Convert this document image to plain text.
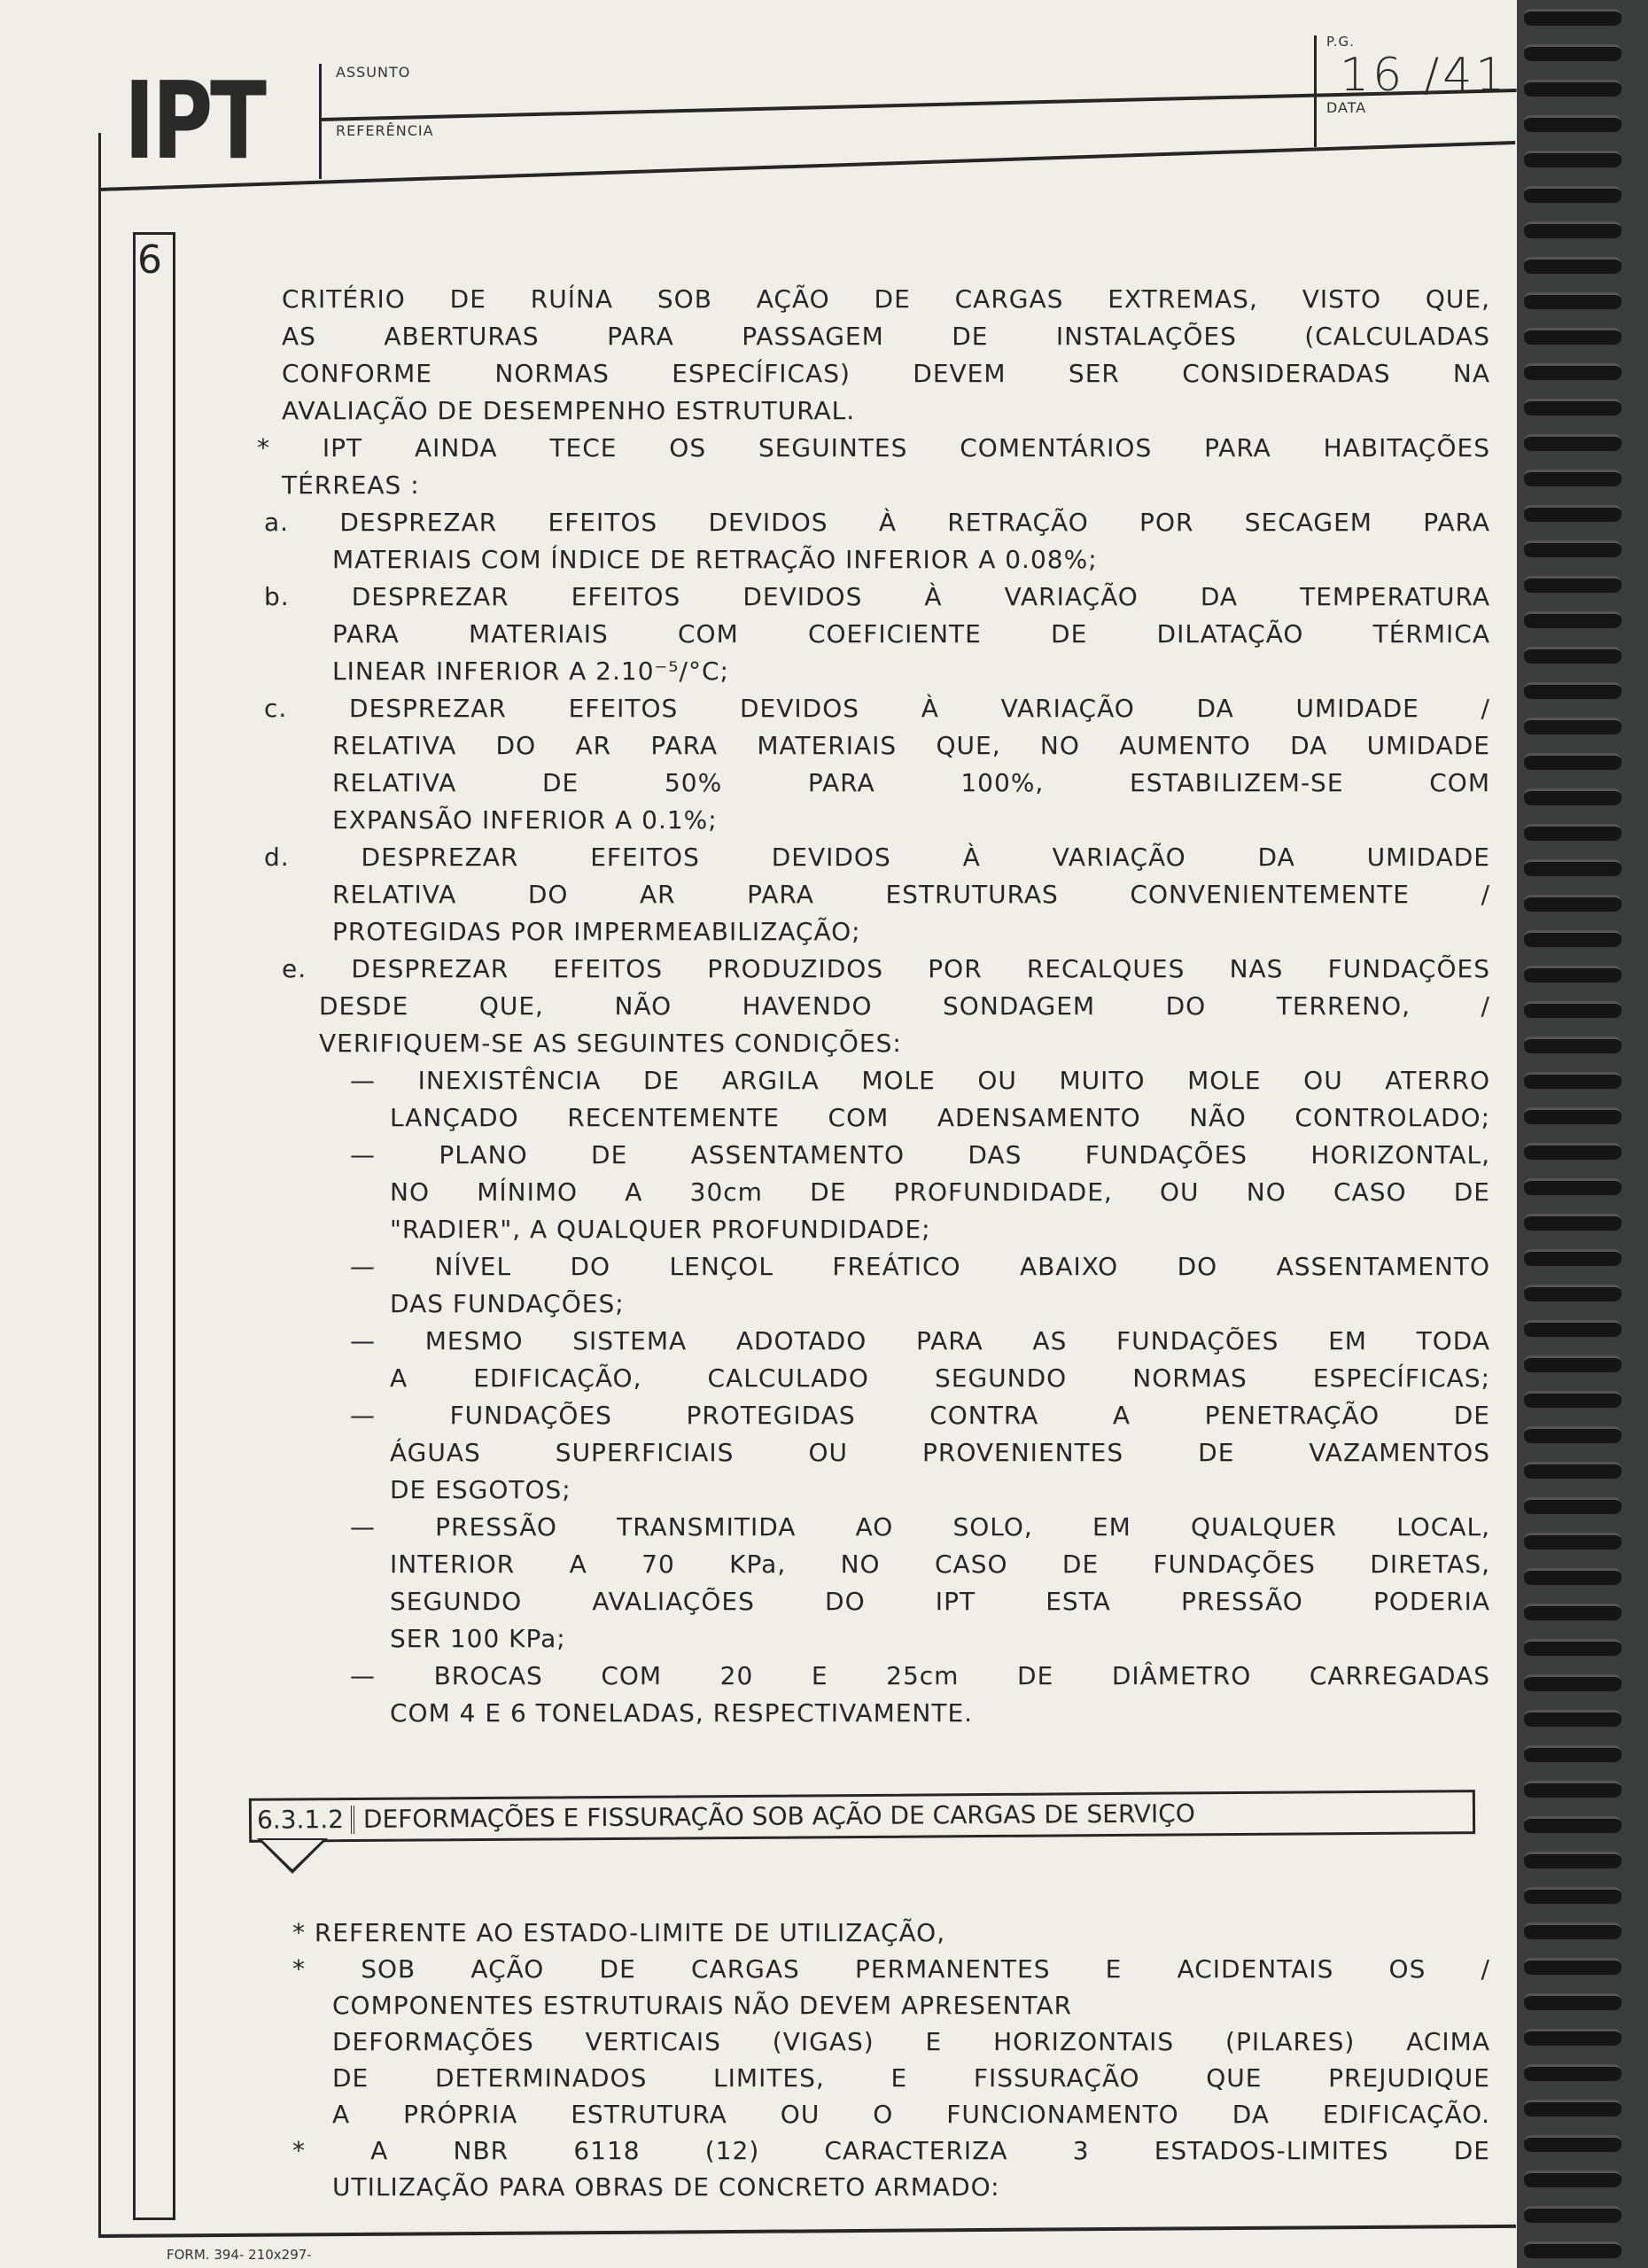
IPT	ASSUNTO
REFERÊNCIA
P.G.
16 /41
DATA
6
CRITÉRIO DE RUÍNA SOB AÇÃO DE CARGAS EXTREMAS, VISTO QUE,
AS ABERTURAS PARA PASSAGEM DE INSTALAÇÕES (CALCULADAS
CONFORME NORMAS ESPECÍFICAS) DEVEM SER CONSIDERADAS NA
AVALIAÇÃO DE DESEMPENHO ESTRUTURAL.
* IPT AINDA TECE OS SEGUINTES COMENTÁRIOS PARA HABITAÇÕES
TÉRREAS :
a. DESPREZAR EFEITOS DEVIDOS À RETRAÇÃO POR SECAGEM PARA
MATERIAIS COM ÍNDICE DE RETRAÇÃO INFERIOR A 0.08%;
b. DESPREZAR EFEITOS DEVIDOS À VARIAÇÃO DA TEMPERATURA
PARA MATERIAIS COM COEFICIENTE DE DILATAÇÃO TÉRMICA
LINEAR INFERIOR A 2.10⁻⁵/°C;
c. DESPREZAR EFEITOS DEVIDOS À VARIAÇÃO DA UMIDADE /
RELATIVA DO AR PARA MATERIAIS QUE, NO AUMENTO DA UMIDADE
RELATIVA DE 50% PARA 100%, ESTABILIZEM-SE COM
EXPANSÃO INFERIOR A 0.1%;
d. DESPREZAR EFEITOS DEVIDOS À VARIAÇÃO DA UMIDADE
RELATIVA DO AR PARA ESTRUTURAS CONVENIENTEMENTE /
PROTEGIDAS POR IMPERMEABILIZAÇÃO;
e. DESPREZAR EFEITOS PRODUZIDOS POR RECALQUES NAS FUNDAÇÕES
DESDE QUE, NÃO HAVENDO SONDAGEM DO TERRENO, /
VERIFIQUEM-SE AS SEGUINTES CONDIÇÕES:
— INEXISTÊNCIA DE ARGILA MOLE OU MUITO MOLE OU ATERRO
LANÇADO RECENTEMENTE COM ADENSAMENTO NÃO CONTROLADO;
— PLANO DE ASSENTAMENTO DAS FUNDAÇÕES HORIZONTAL,
NO MÍNIMO A 30cm DE PROFUNDIDADE, OU NO CASO DE
"RADIER", A QUALQUER PROFUNDIDADE;
— NÍVEL DO LENÇOL FREÁTICO ABAIXO DO ASSENTAMENTO
DAS FUNDAÇÕES;
— MESMO SISTEMA ADOTADO PARA AS FUNDAÇÕES EM TODA
A EDIFICAÇÃO, CALCULADO SEGUNDO NORMAS ESPECÍFICAS;
— FUNDAÇÕES PROTEGIDAS CONTRA A PENETRAÇÃO DE
ÁGUAS SUPERFICIAIS OU PROVENIENTES DE VAZAMENTOS
DE ESGOTOS;
— PRESSÃO TRANSMITIDA AO SOLO, EM QUALQUER LOCAL,
INTERIOR A 70 KPa, NO CASO DE FUNDAÇÕES DIRETAS,
SEGUNDO AVALIAÇÕES DO IPT ESTA PRESSÃO PODERIA
SER 100 KPa;
— BROCAS COM 20 E 25cm DE DIÂMETRO CARREGADAS
COM 4 E 6 TONELADAS, RESPECTIVAMENTE.
6.3.1.2 DEFORMAÇÕES E FISSURAÇÃO SOB AÇÃO DE CARGAS DE SERVIÇO
* REFERENTE AO ESTADO-LIMITE DE UTILIZAÇÃO,
* SOB AÇÃO DE CARGAS PERMANENTES E ACIDENTAIS OS /
COMPONENTES ESTRUTURAIS NÃO DEVEM APRESENTAR
DEFORMAÇÕES VERTICAIS (VIGAS) E HORIZONTAIS (PILARES) ACIMA
DE DETERMINADOS LIMITES, E FISSURAÇÃO QUE PREJUDIQUE
A PRÓPRIA ESTRUTURA OU O FUNCIONAMENTO DA EDIFICAÇÃO.
* A NBR 6118 (12) CARACTERIZA 3 ESTADOS-LIMITES DE
UTILIZAÇÃO PARA OBRAS DE CONCRETO ARMADO:
FORM. 394- 210x297-
